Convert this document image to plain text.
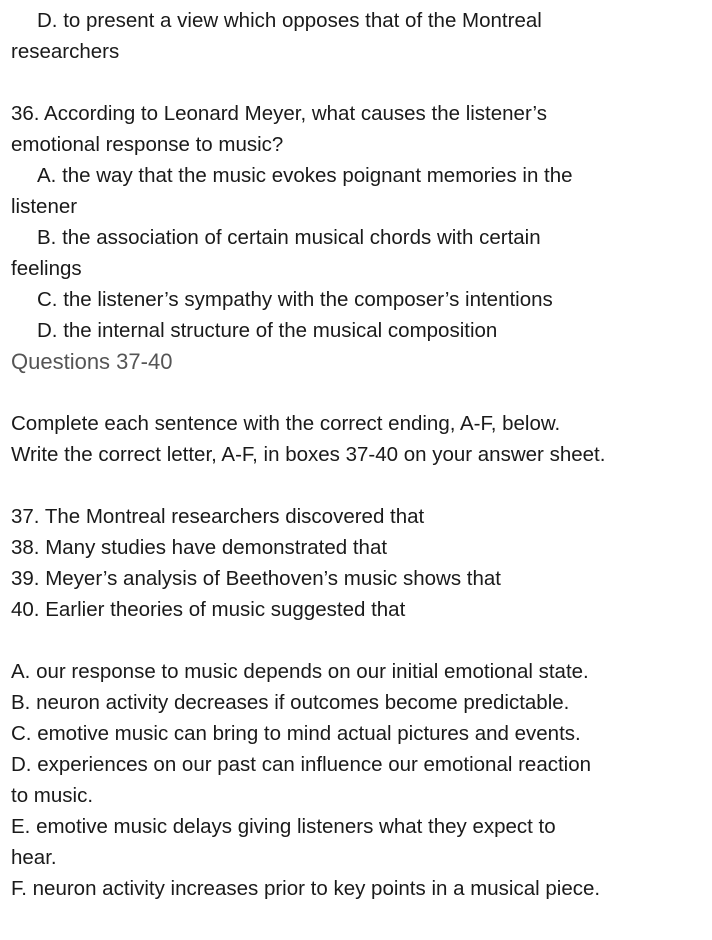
D. to present a view which opposes that of the Montreal
researchers
36. According to Leonard Meyer, what causes the listener’s
emotional response to music?
A. the way that the music evokes poignant memories in the
listener
B. the association of certain musical chords with certain
feelings
C. the listener’s sympathy with the composer’s intentions
D. the internal structure of the musical composition
Questions 37-40
Complete each sentence with the correct ending, A-F, below.
Write the correct letter, A-F, in boxes 37-40 on your answer sheet.
37. The Montreal researchers discovered that
38. Many studies have demonstrated that
39. Meyer’s analysis of Beethoven’s music shows that
40. Earlier theories of music suggested that
A. our response to music depends on our initial emotional state.
B. neuron activity decreases if outcomes become predictable.
C. emotive music can bring to mind actual pictures and events.
D. experiences on our past can influence our emotional reaction
to music.
E. emotive music delays giving listeners what they expect to
hear.
F. neuron activity increases prior to key points in a musical piece.
